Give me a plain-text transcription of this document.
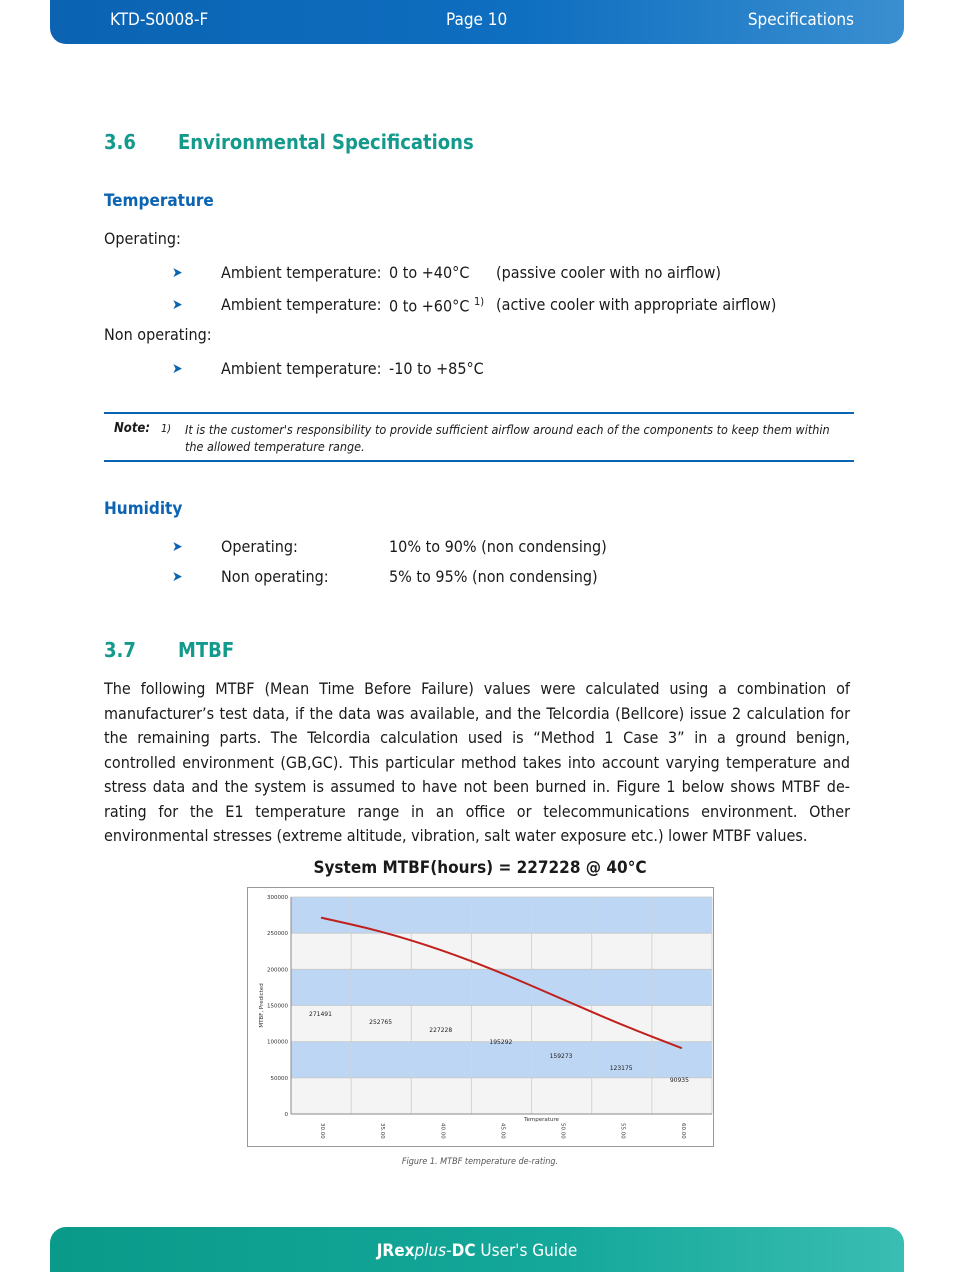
KTD-S0008-F	Page 10	Specifications
3.6 Environmental Specifications
Temperature
Operating:
➤ Ambient temperature: 0 to +40°C (passive cooler with no airflow)
➤ Ambient temperature: 0 to +60°C $^{1)}$ (active cooler with appropriate airflow)
Non operating:
➤ Ambient temperature: -10 to +85°C
Note: 1) It is the customer's responsibility to provide sufficient airflow around each of the components to keep them within the allowed temperature range.
Humidity
➤ Operating:	10% to 90% (non condensing)
➤ Non operating:	5% to 95% (non condensing)
3.7 MTBF
The following MTBF (Mean Time Before Failure) values were calculated using a combination of manufacturer’s test data, if the data was available, and the Telcordia (Bellcore) issue 2 calculation for the remaining parts. The Telcordia calculation used is “Method 1 Case 3” in a ground benign, controlled environment (GB,GC). This particular method takes into account varying temperature and stress data and the system is assumed to have not been burned in. Figure 1 below shows MTBF de-rating for the E1 temperature range in an office or telecommunications environment. Other environmental stresses (extreme altitude, vibration, salt water exposure etc.) lower MTBF values.
System MTBF(hours) = 227228 @ 40°C
0
50000
100000
150000
200000
250000
300000
MTBF, Predicted
30.00	35.00	40.00	45.00	50.00	55.00	60.00
Temperature
271491
252765
227228
195292
159273
123175
90935
Figure 1. MTBF temperature de-rating.
JRexplus-DC User's Guide
